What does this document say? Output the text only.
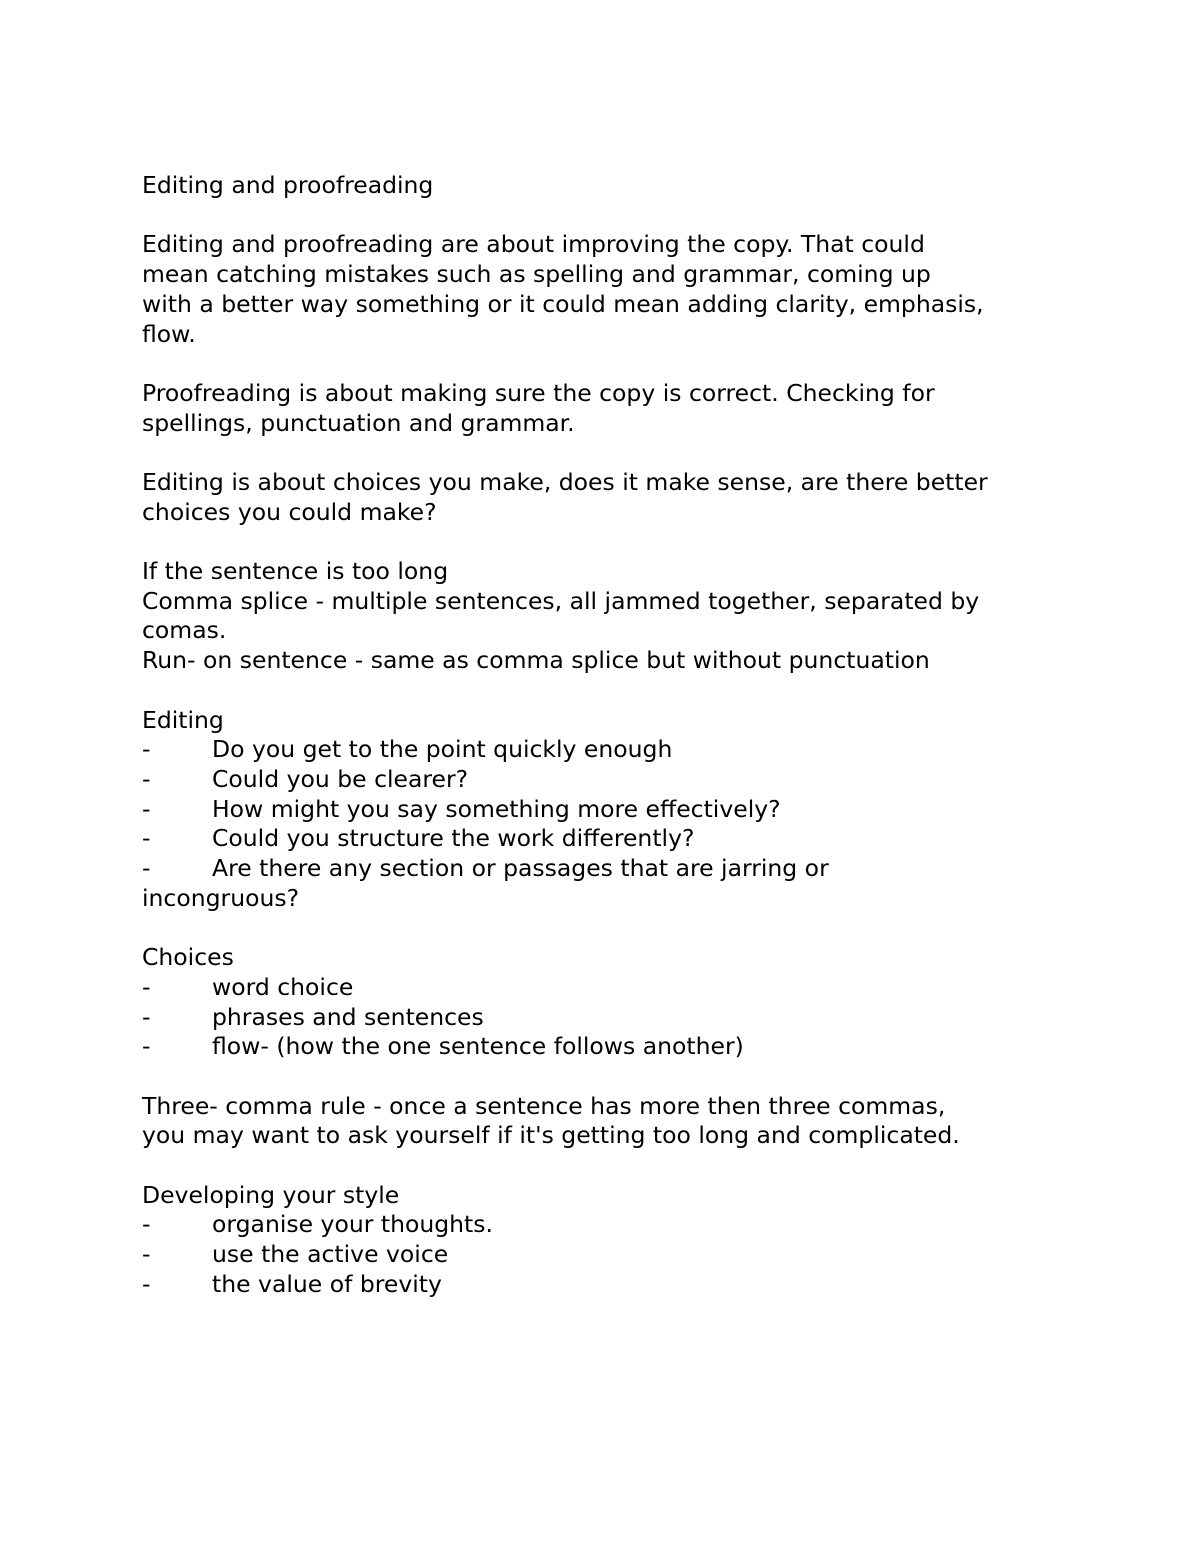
Editing and proofreading

Editing and proofreading are about improving the copy. That could

mean catching mistakes such as spelling and grammar, coming up

with a better way something or it could mean adding clarity, emphasis,

flow.

Proofreading is about making sure the copy is correct. Checking for

spellings, punctuation and grammar.

Editing is about choices you make, does it make sense, are there better

choices you could make?

If the sentence is too long

Comma splice - multiple sentences, all jammed together, separated by

comas.

Run- on sentence - same as comma splice but without punctuation

Editing

-	Do you get to the point quickly enough
-	Could you be clearer?
-	How might you say something more effectively?
-	Could you structure the work differently?
-	Are there any section or passages that are jarring or

incongruous?

Choices

-	word choice
-	phrases and sentences
-	flow- (how the one sentence follows another)

Three- comma rule - once a sentence has more then three commas,

you may want to ask yourself if it's getting too long and complicated.

Developing your style

-	organise your thoughts.
-	use the active voice
-	the value of brevity
